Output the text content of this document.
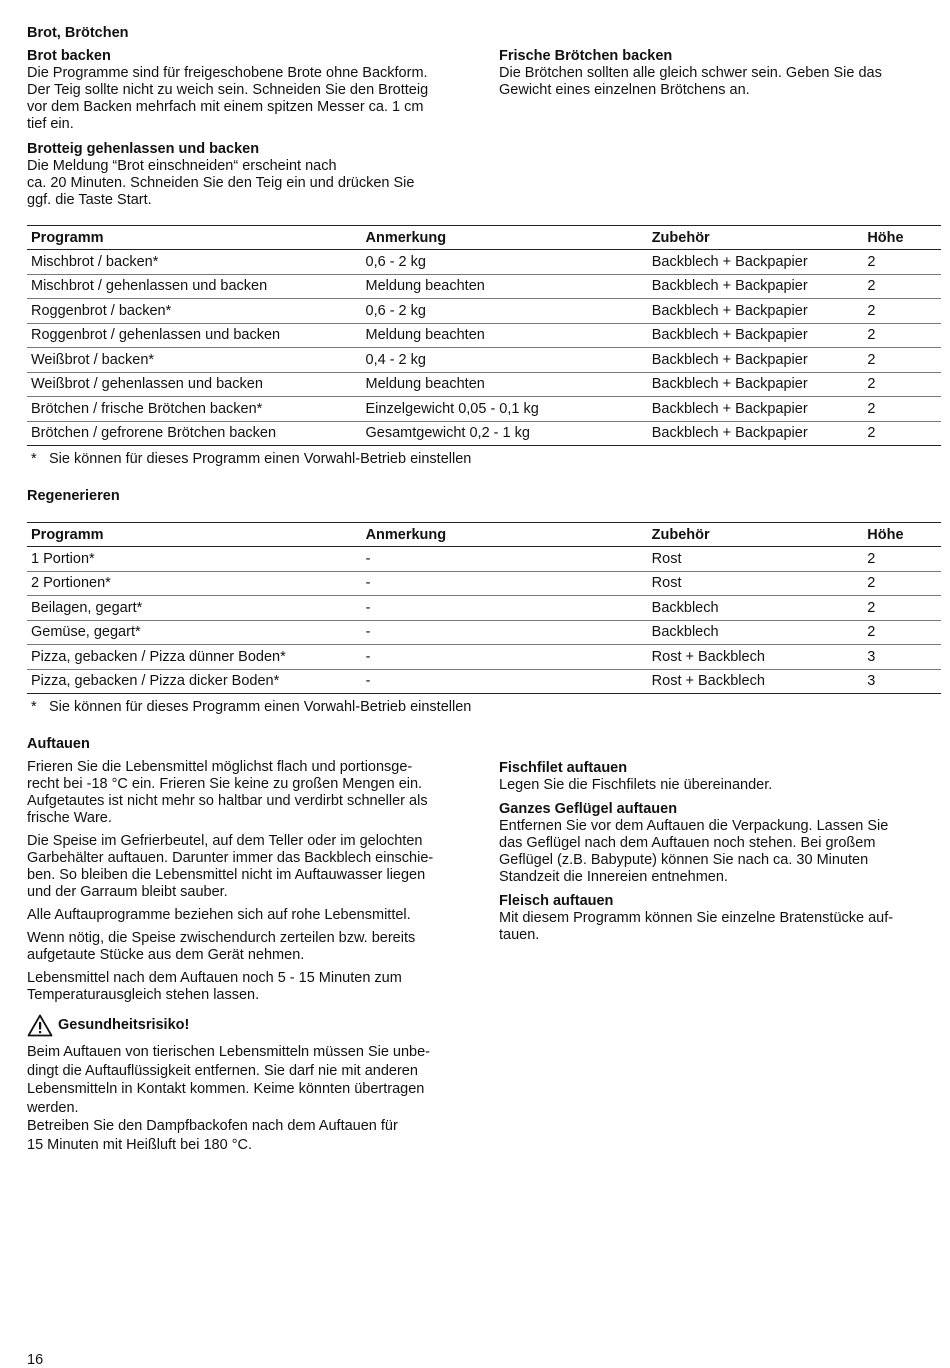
Brot, Brötchen

Brot backen

Die Programme sind für freigeschobene Brote ohne Backform.
Der Teig sollte nicht zu weich sein. Schneiden Sie den Brotteig
vor dem Backen mehrfach mit einem spitzen Messer ca. 1 cm
tief ein.

Brotteig gehenlassen und backen

Die Meldung “Brot einschneiden“ erscheint nach
ca. 20 Minuten. Schneiden Sie den Teig ein und drücken Sie
ggf. die Taste Start.

Frische Brötchen backen

Die Brötchen sollten alle gleich schwer sein. Geben Sie das
Gewicht eines einzelnen Brötchens an.
Programm	Anmerkung	Zubehör	Höhe
Mischbrot / backen*	0,6 - 2 kg	Backblech + Backpapier	2
Mischbrot / gehenlassen und backen	Meldung beachten	Backblech + Backpapier	2
Roggenbrot / backen*	0,6 - 2 kg	Backblech + Backpapier	2
Roggenbrot / gehenlassen und backen	Meldung beachten	Backblech + Backpapier	2
Weißbrot / backen*	0,4 - 2 kg	Backblech + Backpapier	2
Weißbrot / gehenlassen und backen	Meldung beachten	Backblech + Backpapier	2
Brötchen / frische Brötchen backen*	Einzelgewicht 0,05 - 0,1 kg	Backblech + Backpapier	2
Brötchen / gefrorene Brötchen backen	Gesamtgewicht 0,2 - 1 kg	Backblech + Backpapier	2
* Sie können für dieses Programm einen Vorwahl-Betrieb einstellen
Regenerieren
Programm	Anmerkung	Zubehör	Höhe
1 Portion*	-	Rost	2
2 Portionen*	-	Rost	2
Beilagen, gegart*	-	Backblech	2
Gemüse, gegart*	-	Backblech	2
Pizza, gebacken / Pizza dünner Boden*	-	Rost + Backblech	3
Pizza, gebacken / Pizza dicker Boden*	-	Rost + Backblech	3
* Sie können für dieses Programm einen Vorwahl-Betrieb einstellen
Auftauen
Frieren Sie die Lebensmittel möglichst flach und portionsge-
recht bei -18 °C ein. Frieren Sie keine zu großen Mengen ein.
Aufgetautes ist nicht mehr so haltbar und verdirbt schneller als
frische Ware.
Die Speise im Gefrierbeutel, auf dem Teller oder im gelochten
Garbehälter auftauen. Darunter immer das Backblech einschie-
ben. So bleiben die Lebensmittel nicht im Auftauwasser liegen
und der Garraum bleibt sauber.
Alle Auftauprogramme beziehen sich auf rohe Lebensmittel.
Wenn nötig, die Speise zwischendurch zerteilen bzw. bereits
aufgetaute Stücke aus dem Gerät nehmen.
Lebensmittel nach dem Auftauen noch 5 - 15 Minuten zum
Temperaturausgleich stehen lassen.
Gesundheitsrisiko!
Beim Auftauen von tierischen Lebensmitteln müssen Sie unbe-
dingt die Auftauflüssigkeit entfernen. Sie darf nie mit anderen
Lebensmitteln in Kontakt kommen. Keime könnten übertragen
werden.
Betreiben Sie den Dampfbackofen nach dem Auftauen für
15 Minuten mit Heißluft bei 180 °C.

Fischfilet auftauen

Legen Sie die Fischfilets nie übereinander.

Ganzes Geflügel auftauen

Entfernen Sie vor dem Auftauen die Verpackung. Lassen Sie
das Geflügel nach dem Auftauen noch stehen. Bei großem
Geflügel (z.B. Babypute) können Sie nach ca. 30 Minuten
Standzeit die Innereien entnehmen.

Fleisch auftauen

Mit diesem Programm können Sie einzelne Bratenstücke auf-
tauen.
16
